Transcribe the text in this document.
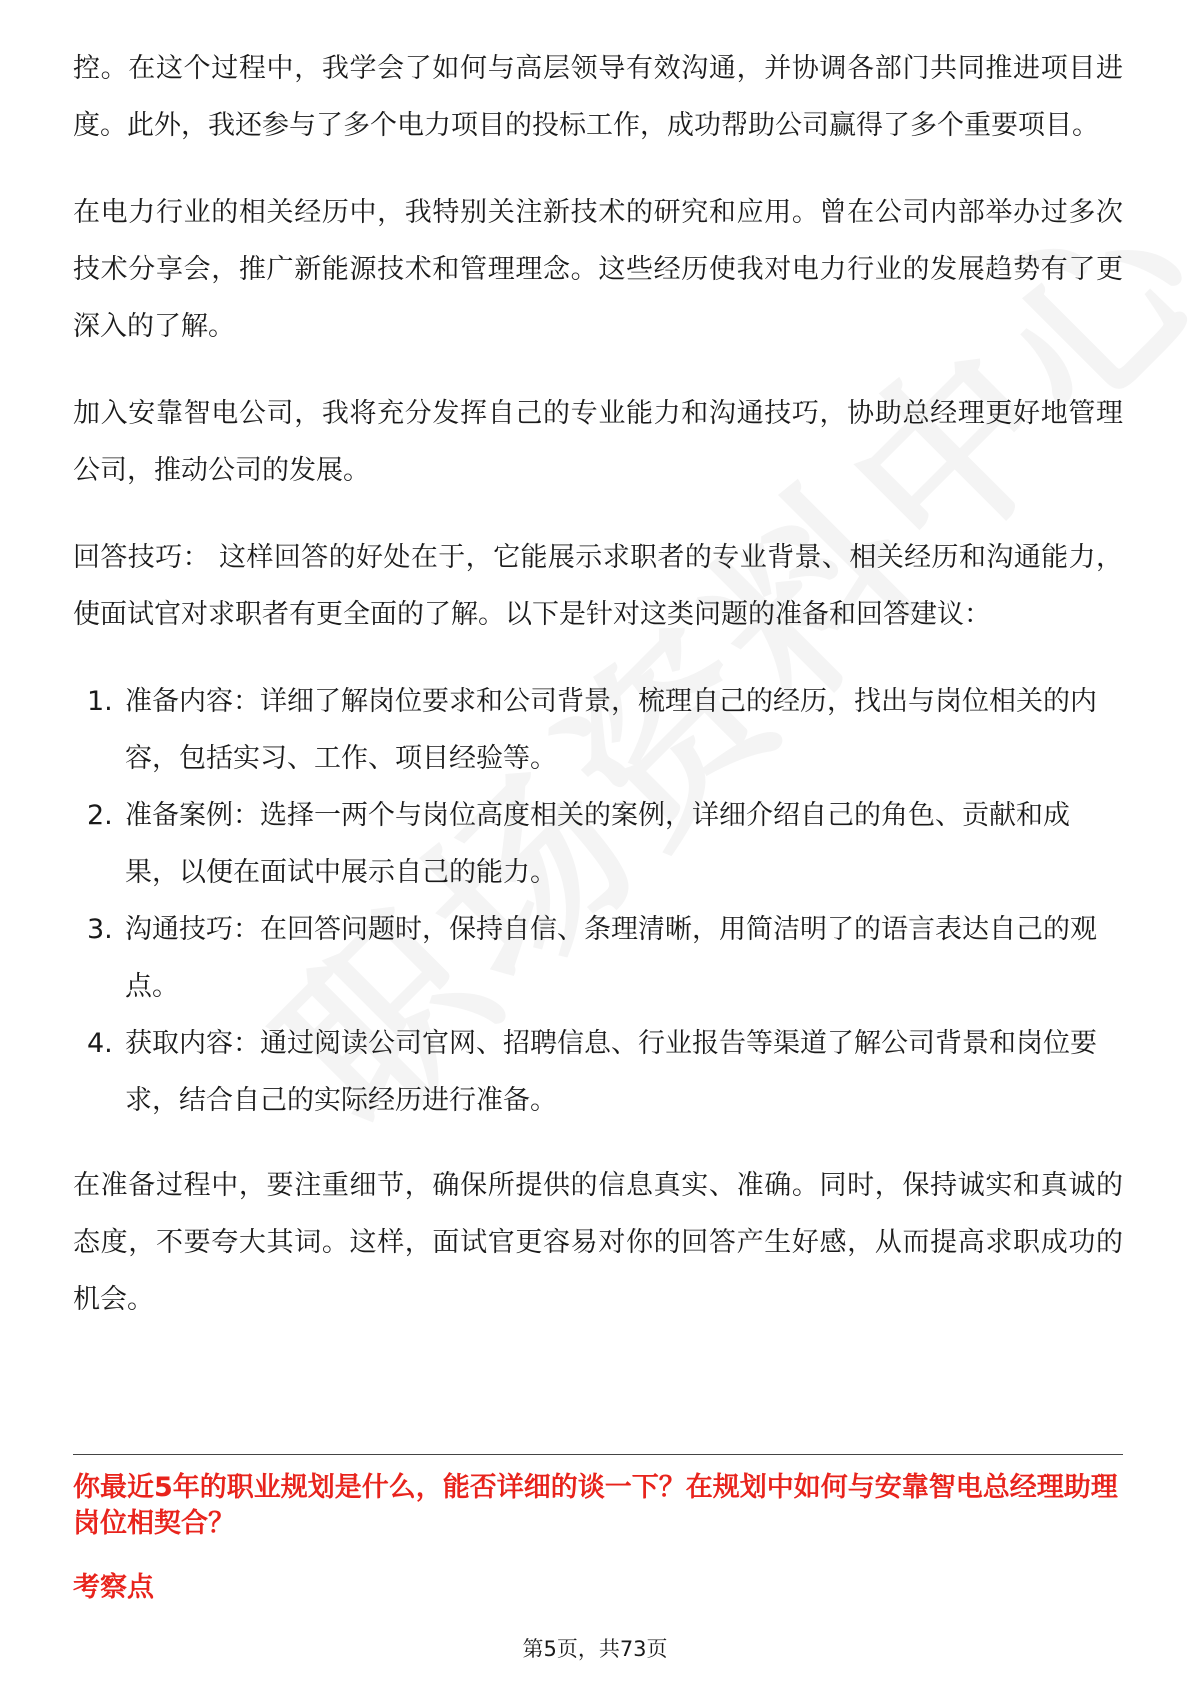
控。在这个过程中，我学会了如何与高层领导有效沟通，并协调各部门共同推进项目进度。此外，我还参与了多个电力项目的投标工作，成功帮助公司赢得了多个重要项目。

在电力行业的相关经历中，我特别关注新技术的研究和应用。曾在公司内部举办过多次技术分享会，推广新能源技术和管理理念。这些经历使我对电力行业的发展趋势有了更深入的了解。

加入安靠智电公司，我将充分发挥自己的专业能力和沟通技巧，协助总经理更好地管理公司，推动公司的发展。

回答技巧： 这样回答的好处在于，它能展示求职者的专业背景、相关经历和沟通能力，使面试官对求职者有更全面的了解。以下是针对这类问题的准备和回答建议：

1. 准备内容：详细了解岗位要求和公司背景，梳理自己的经历，找出与岗位相关的内容，包括实习、工作、项目经验等。
2. 准备案例：选择一两个与岗位高度相关的案例，详细介绍自己的角色、贡献和成果，以便在面试中展示自己的能力。
3. 沟通技巧：在回答问题时，保持自信、条理清晰，用简洁明了的语言表达自己的观点。
4. 获取内容：通过阅读公司官网、招聘信息、行业报告等渠道了解公司背景和岗位要求，结合自己的实际经历进行准备。

在准备过程中，要注重细节，确保所提供的信息真实、准确。同时，保持诚实和真诚的态度，不要夸大其词。这样，面试官更容易对你的回答产生好感，从而提高求职成功的机会。

你最近5年的职业规划是什么，能否详细的谈一下？在规划中如何与安靠智电总经理助理岗位相契合？
考察点
第5页，共73页
